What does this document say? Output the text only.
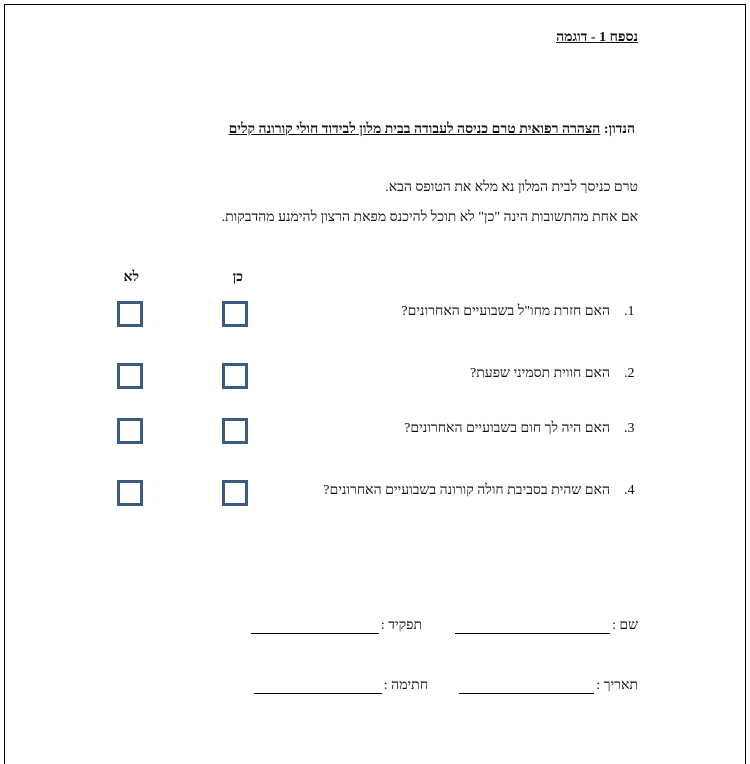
נספח 1 - דוגמה
הנדון: הצהרה רפואית טרם כניסה לעבודה בבית מלון לבידוד חולי קורונה קלים
טרם כניסך לבית המלון נא מלא את הטופס הבא.
אם אחת מהתשובות הינה "כן" לא תוכל להיכנס מפאת הרצון להימנע מהדבקות.
כן
לא
1.
האם חזרת מחו"ל בשבועיים האחרונים?
2.
האם חווית תסמיני שפעת?
3.
האם היה לך חום בשבועיים האחרונים?
4.
האם שהית בסביבת חולה קורונה בשבועיים האחרונים?
שם :
תפקיד :
תאריך :
חתימה :
